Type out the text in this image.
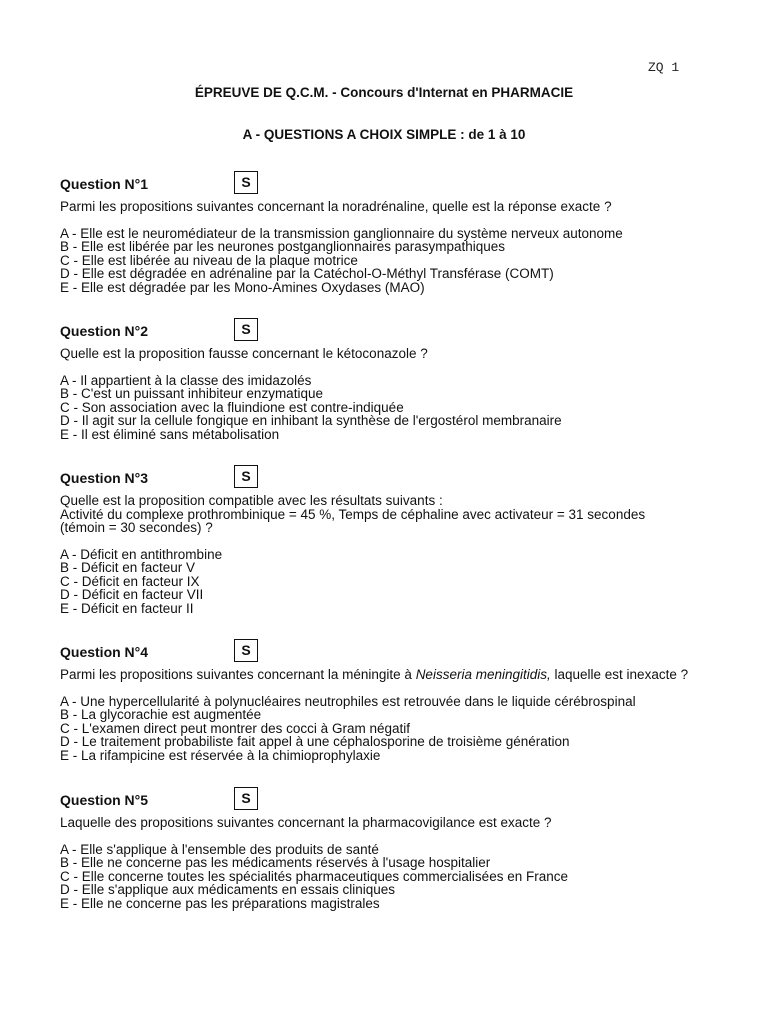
ZQ 1
ÉPREUVE DE Q.C.M. - Concours d'Internat en PHARMACIE
A - QUESTIONS A CHOIX SIMPLE : de 1 à 10
Question N°1	S
Parmi les propositions suivantes concernant la noradrénaline, quelle est la réponse exacte ?
A - Elle est le neuromédiateur de la transmission ganglionnaire du système nerveux autonome
B - Elle est libérée par les neurones postganglionnaires parasympathiques
C - Elle est libérée au niveau de la plaque motrice
D - Elle est dégradée en adrénaline par la Catéchol-O-Méthyl Transférase (COMT)
E - Elle est dégradée par les Mono-Amines Oxydases (MAO)
Question N°2	S
Quelle est la proposition fausse concernant le kétoconazole ?
A - Il appartient à la classe des imidazolés
B - C'est un puissant inhibiteur enzymatique
C - Son association avec la fluindione est contre-indiquée
D - Il agit sur la cellule fongique en inhibant la synthèse de l'ergostérol membranaire
E - Il est éliminé sans métabolisation
Question N°3	S
Quelle est la proposition compatible avec les résultats suivants :
Activité du complexe prothrombinique = 45 %, Temps de céphaline avec activateur = 31 secondes
(témoin = 30 secondes) ?
A - Déficit en antithrombine
B - Déficit en facteur V
C - Déficit en facteur IX
D - Déficit en facteur VII
E - Déficit en facteur II
Question N°4	S
Parmi les propositions suivantes concernant la méningite à Neisseria meningitidis, laquelle est inexacte ?
A - Une hypercellularité à polynucléaires neutrophiles est retrouvée dans le liquide cérébrospinal
B - La glycorachie est augmentée
C - L'examen direct peut montrer des cocci à Gram négatif
D - Le traitement probabiliste fait appel à une céphalosporine de troisième génération
E - La rifampicine est réservée à la chimioprophylaxie
Question N°5	S
Laquelle des propositions suivantes concernant la pharmacovigilance est exacte ?
A - Elle s'applique à l'ensemble des produits de santé
B - Elle ne concerne pas les médicaments réservés à l'usage hospitalier
C - Elle concerne toutes les spécialités pharmaceutiques commercialisées en France
D - Elle s'applique aux médicaments en essais cliniques
E - Elle ne concerne pas les préparations magistrales
